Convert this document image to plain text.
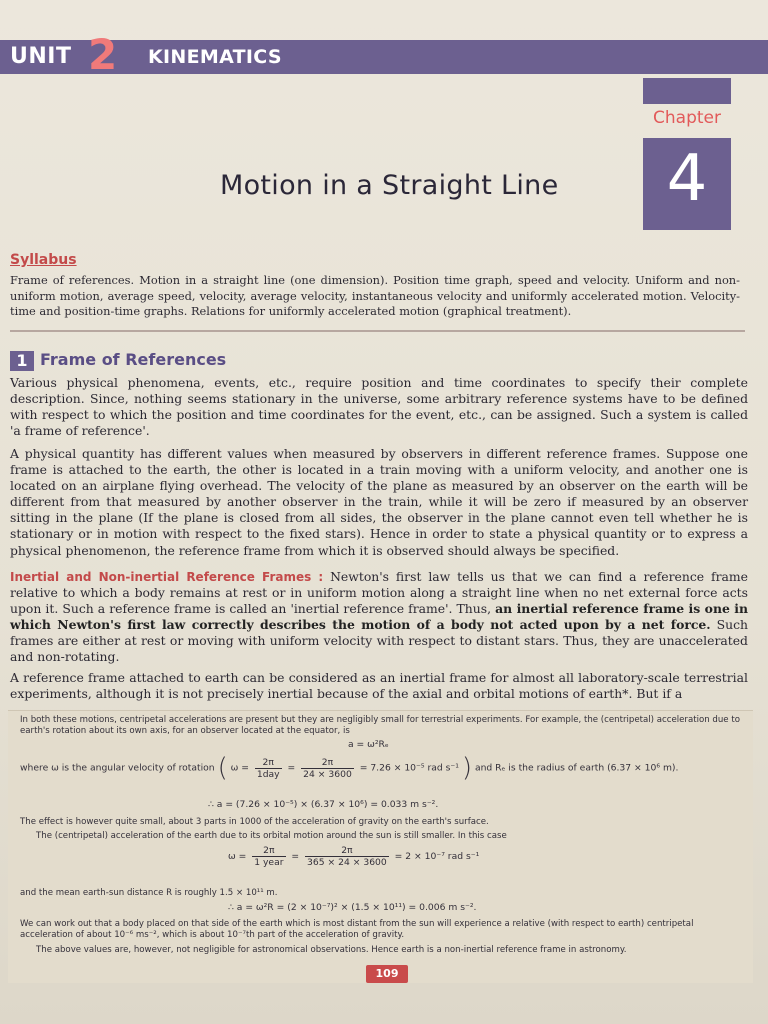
UNIT 2 KINEMATICS
Chapter
4
Motion in a Straight Line
Syllabus
Frame of references. Motion in a straight line (one dimension). Position time graph, speed and velocity. Uniform and non-uniform motion, average speed, velocity, average velocity, instantaneous velocity and uniformly accelerated motion. Velocity-time and position-time graphs. Relations for uniformly accelerated motion (graphical treatment).
1 Frame of References
Various physical phenomena, events, etc., require position and time coordinates to specify their complete description. Since, nothing seems stationary in the universe, some arbitrary reference systems have to be defined with respect to which the position and time coordinates for the event, etc., can be assigned. Such a system is called 'a frame of reference'.
A physical quantity has different values when measured by observers in different reference frames. Suppose one frame is attached to the earth, the other is located in a train moving with a uniform velocity, and another one is located on an airplane flying overhead. The velocity of the plane as measured by an observer on the earth will be different from that measured by another observer in the train, while it will be zero if measured by an observer sitting in the plane (If the plane is closed from all sides, the observer in the plane cannot even tell whether he is stationary or in motion with respect to the fixed stars). Hence in order to state a physical quantity or to express a physical phenomenon, the reference frame from which it is observed should always be specified.
Inertial and Non-inertial Reference Frames : Newton's first law tells us that we can find a reference frame relative to which a body remains at rest or in uniform motion along a straight line when no net external force acts upon it. Such a reference frame is called an 'inertial reference frame'. Thus, an inertial reference frame is one in which Newton's first law correctly describes the motion of a body not acted upon by a net force. Such frames are either at rest or moving with uniform velocity with respect to distant stars. Thus, they are unaccelerated and non-rotating.
A reference frame attached to earth can be considered as an inertial frame for almost all laboratory-scale terrestrial experiments, although it is not precisely inertial because of the axial and orbital motions of earth*. But if a
In both these motions, centripetal accelerations are present but they are negligibly small for terrestrial experiments. For example, the (centripetal) acceleration due to earth's rotation about its own axis, for an observer located at the equator, is
a = ω²Rₑ
where ω is the angular velocity of rotation ( $\omega = \frac{2\pi}{\text{1day}} = \frac{2\pi}{24 \times 3600} = 7.26 \times 10^{-5}$ rad s⁻¹ ) and Rₑ is the radius of earth (6.37 × 10⁶ m).
∴ a = (7.26 × 10⁻⁵) × (6.37 × 10⁶) = 0.033 m s⁻².
The effect is however quite small, about 3 parts in 1000 of the acceleration of gravity on the earth's surface.
The (centripetal) acceleration of the earth due to its orbital motion around the sun is still smaller. In this case
$\omega = \frac{2\pi}{\text{1 year}} = \frac{2\pi}{365 \times 24 \times 3600} = 2 \times 10^{-7}$ rad s⁻¹
and the mean earth-sun distance R is roughly 1.5 × 10¹¹ m.
∴ a = ω²R = (2 × 10⁻⁷)² × (1.5 × 10¹¹) = 0.006 m s⁻².
We can work out that a body placed on that side of the earth which is most distant from the sun will experience a relative (with respect to earth) centripetal acceleration of about 10⁻⁶ ms⁻², which is about 10⁻⁷th part of the acceleration of gravity.
The above values are, however, not negligible for astronomical observations. Hence earth is a non-inertial reference frame in astronomy.
109
